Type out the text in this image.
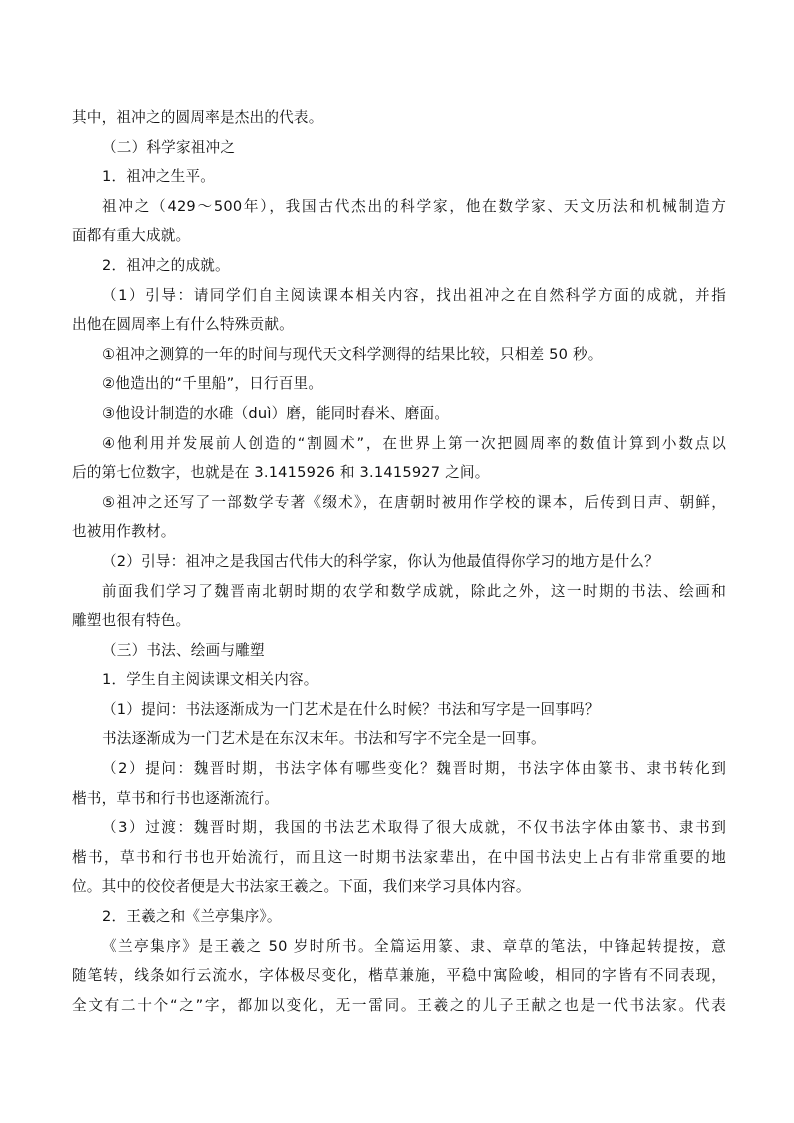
其中，祖冲之的圆周率是杰出的代表。
（二）科学家祖冲之
1．祖冲之生平。
祖冲之（429～500年），我国古代杰出的科学家，他在数学家、天文历法和机械制造方
面都有重大成就。
2．祖冲之的成就。
（1）引导：请同学们自主阅读课本相关内容，找出祖冲之在自然科学方面的成就，并指
出他在圆周率上有什么特殊贡献。
①祖冲之测算的一年的时间与现代天文科学测得的结果比较，只相差 50 秒。
②他造出的“千里船”，日行百里。
③他设计制造的水碓（duì）磨，能同时舂米、磨面。
④他利用并发展前人创造的“割圆术”，在世界上第一次把圆周率的数值计算到小数点以
后的第七位数字，也就是在 3.1415926 和 3.1415927 之间。
⑤祖冲之还写了一部数学专著《缀术》，在唐朝时被用作学校的课本，后传到日声、朝鲜，
也被用作教材。
（2）引导：祖冲之是我国古代伟大的科学家，你认为他最值得你学习的地方是什么？
前面我们学习了魏晋南北朝时期的农学和数学成就，除此之外，这一时期的书法、绘画和
雕塑也很有特色。
（三）书法、绘画与雕塑
1．学生自主阅读课文相关内容。
（1）提问：书法逐渐成为一门艺术是在什么时候？书法和写字是一回事吗？
书法逐渐成为一门艺术是在东汉末年。书法和写字不完全是一回事。
（2）提问：魏晋时期，书法字体有哪些变化？魏晋时期，书法字体由篆书、隶书转化到
楷书，草书和行书也逐渐流行。
（3）过渡：魏晋时期，我国的书法艺术取得了很大成就，不仅书法字体由篆书、隶书到
楷书，草书和行书也开始流行，而且这一时期书法家辈出，在中国书法史上占有非常重要的地
位。其中的佼佼者便是大书法家王羲之。下面，我们来学习具体内容。
2．王羲之和《兰亭集序》。
《兰亭集序》是王羲之 50 岁时所书。全篇运用篆、隶、章草的笔法，中锋起转提按，意
随笔转，线条如行云流水，字体极尽变化，楷草兼施，平稳中寓险峻，相同的字皆有不同表现，
全文有二十个“之”字，都加以变化，无一雷同。王羲之的儿子王献之也是一代书法家。代表
